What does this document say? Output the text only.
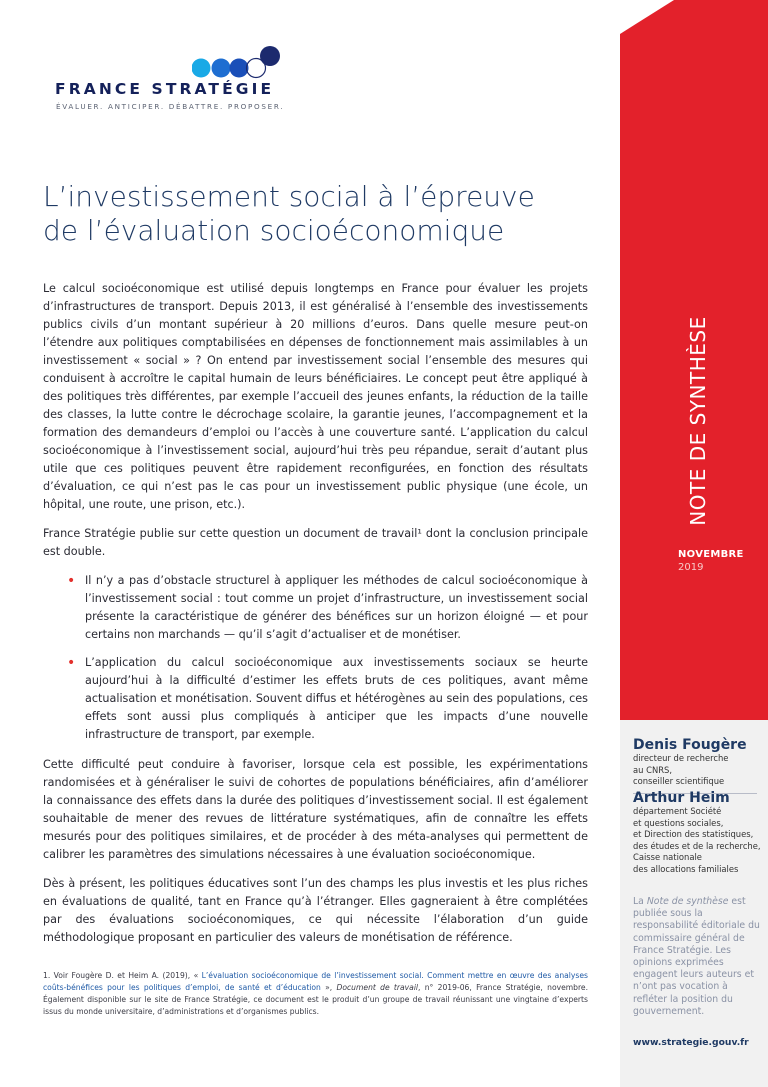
FRANCE STRATÉGIE
ÉVALUER. ANTICIPER. DÉBATTRE. PROPOSER.
L’investissement social à l’épreuve
de l’évaluation socioéconomique

Le calcul socioéconomique est utilisé depuis longtemps en France pour évaluer les projets d’infrastructures de transport. Depuis 2013, il est généralisé à l’ensemble des investissements publics civils d’un montant supérieur à 20 millions d’euros. Dans quelle mesure peut-on l’étendre aux politiques comptabilisées en dépenses de fonctionnement mais assimilables à un investissement « social » ? On entend par investissement social l’ensemble des mesures qui conduisent à accroître le capital humain de leurs bénéficiaires. Le concept peut être appliqué à des politiques très différentes, par exemple l’accueil des jeunes enfants, la réduction de la taille des classes, la lutte contre le décrochage scolaire, la garantie jeunes, l’accompagnement et la formation des demandeurs d’emploi ou l’accès à une couverture santé. L’application du calcul socioéconomique à l’investissement social, aujourd’hui très peu répandue, serait d’autant plus utile que ces politiques peuvent être rapidement reconfigurées, en fonction des résultats d’évaluation, ce qui n’est pas le cas pour un investissement public physique (une école, un hôpital, une route, une prison, etc.).

France Stratégie publie sur cette question un document de travail¹ dont la conclusion principale est double.

• Il n’y a pas d’obstacle structurel à appliquer les méthodes de calcul socioéconomique à l’investissement social : tout comme un projet d’infrastructure, un investissement social présente la caractéristique de générer des bénéfices sur un horizon éloigné — et pour certains non marchands — qu’il s’agit d’actualiser et de monétiser.
• L’application du calcul socioéconomique aux investissements sociaux se heurte aujourd’hui à la difficulté d’estimer les effets bruts de ces politiques, avant même actualisation et monétisation. Souvent diffus et hétérogènes au sein des populations, ces effets sont aussi plus compliqués à anticiper que les impacts d’une nouvelle infrastructure de transport, par exemple.

Cette difficulté peut conduire à favoriser, lorsque cela est possible, les expérimentations randomisées et à généraliser le suivi de cohortes de populations bénéficiaires, afin d’améliorer la connaissance des effets dans la durée des politiques d’investissement social. Il est également souhaitable de mener des revues de littérature systématiques, afin de connaître les effets mesurés pour des politiques similaires, et de procéder à des méta-analyses qui permettent de calibrer les paramètres des simulations nécessaires à une évaluation socioéconomique.

Dès à présent, les politiques éducatives sont l’un des champs les plus investis et les plus riches en évaluations de qualité, tant en France qu’à l’étranger. Elles gagneraient à être complétées par des évaluations socioéconomiques, ce qui nécessite l’élaboration d’un guide méthodologique proposant en particulier des valeurs de monétisation de référence.

1. Voir Fougère D. et Heim A. (2019), « L’évaluation socioéconomique de l’investissement social. Comment mettre en œuvre des analyses coûts-bénéfices pour les politiques d’emploi, de santé et d’éducation », Document de travail, n° 2019-06, France Stratégie, novembre. Également disponible sur le site de France Stratégie, ce document est le produit d’un groupe de travail réunissant une vingtaine d’experts issus du monde universitaire, d’administrations et d’organismes publics.
NOTE DE SYNTHÈSE
NOVEMBRE
2019
Denis Fougère
directeur de recherche
au CNRS,
conseiller scientifique
Arthur Heim
département Société
et questions sociales,
et Direction des statistiques,
des études et de la recherche,
Caisse nationale
des allocations familiales
La Note de synthèse est publiée sous la responsabilité éditoriale du commissaire général de France Stratégie. Les opinions exprimées engagent leurs auteurs et n’ont pas vocation à refléter la position du gouvernement.
www.strategie.gouv.fr
